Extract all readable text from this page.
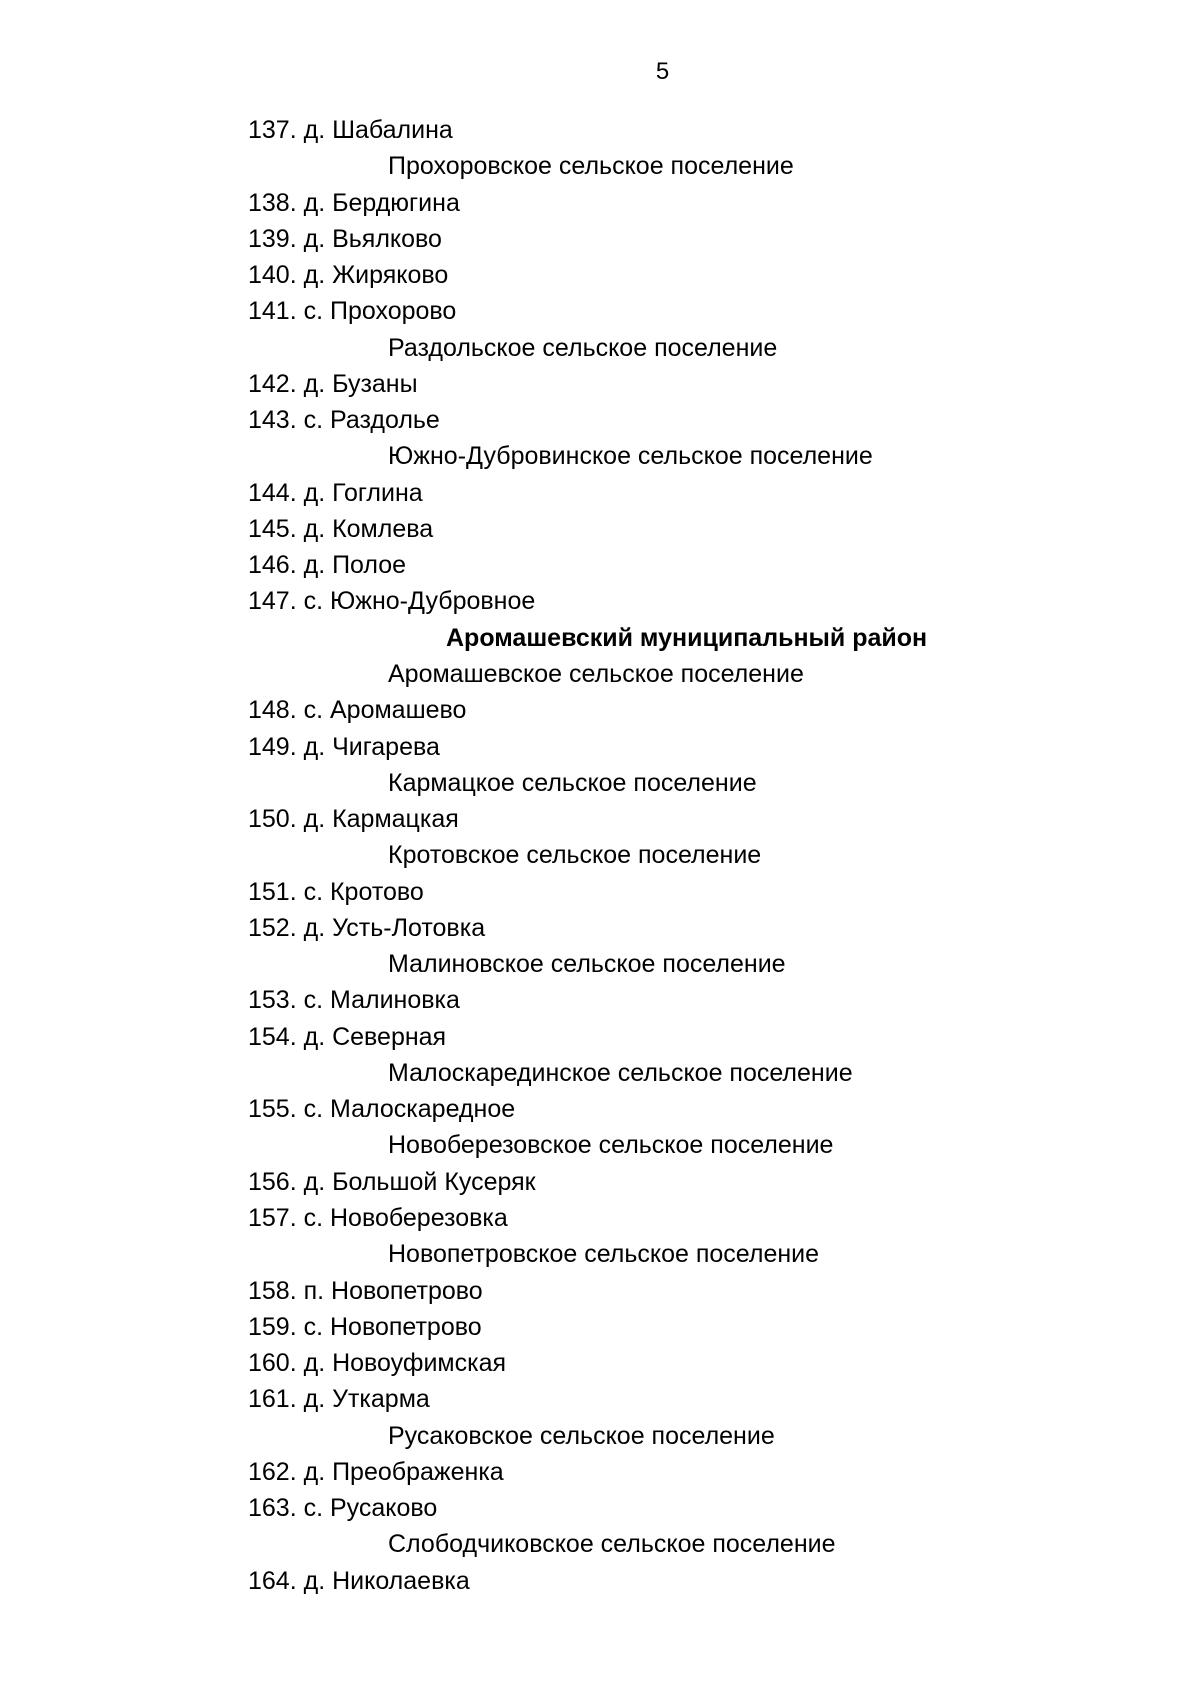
5
137. д. Шабалина
Прохоровское сельское поселение
138. д. Бердюгина
139. д. Вьялково
140. д. Жиряково
141. с. Прохорово
Раздольское сельское поселение
142. д. Бузаны
143. с. Раздолье
Южно-Дубровинское сельское поселение
144. д. Гоглина
145. д. Комлева
146. д. Полое
147. с. Южно-Дубровное
Аромашевский муниципальный район
Аромашевское сельское поселение
148. с. Аромашево
149. д. Чигарева
Кармацкое сельское поселение
150. д. Кармацкая
Кротовское сельское поселение
151. с. Кротово
152. д. Усть-Лотовка
Малиновское сельское поселение
153. с. Малиновка
154. д. Северная
Малоскарединское сельское поселение
155. с. Малоскаредное
Новоберезовское сельское поселение
156. д. Большой Кусеряк
157. с. Новоберезовка
Новопетровское сельское поселение
158. п. Новопетрово
159. с. Новопетрово
160. д. Новоуфимская
161. д. Уткарма
Русаковское сельское поселение
162. д. Преображенка
163. с. Русаково
Слободчиковское сельское поселение
164. д. Николаевка
